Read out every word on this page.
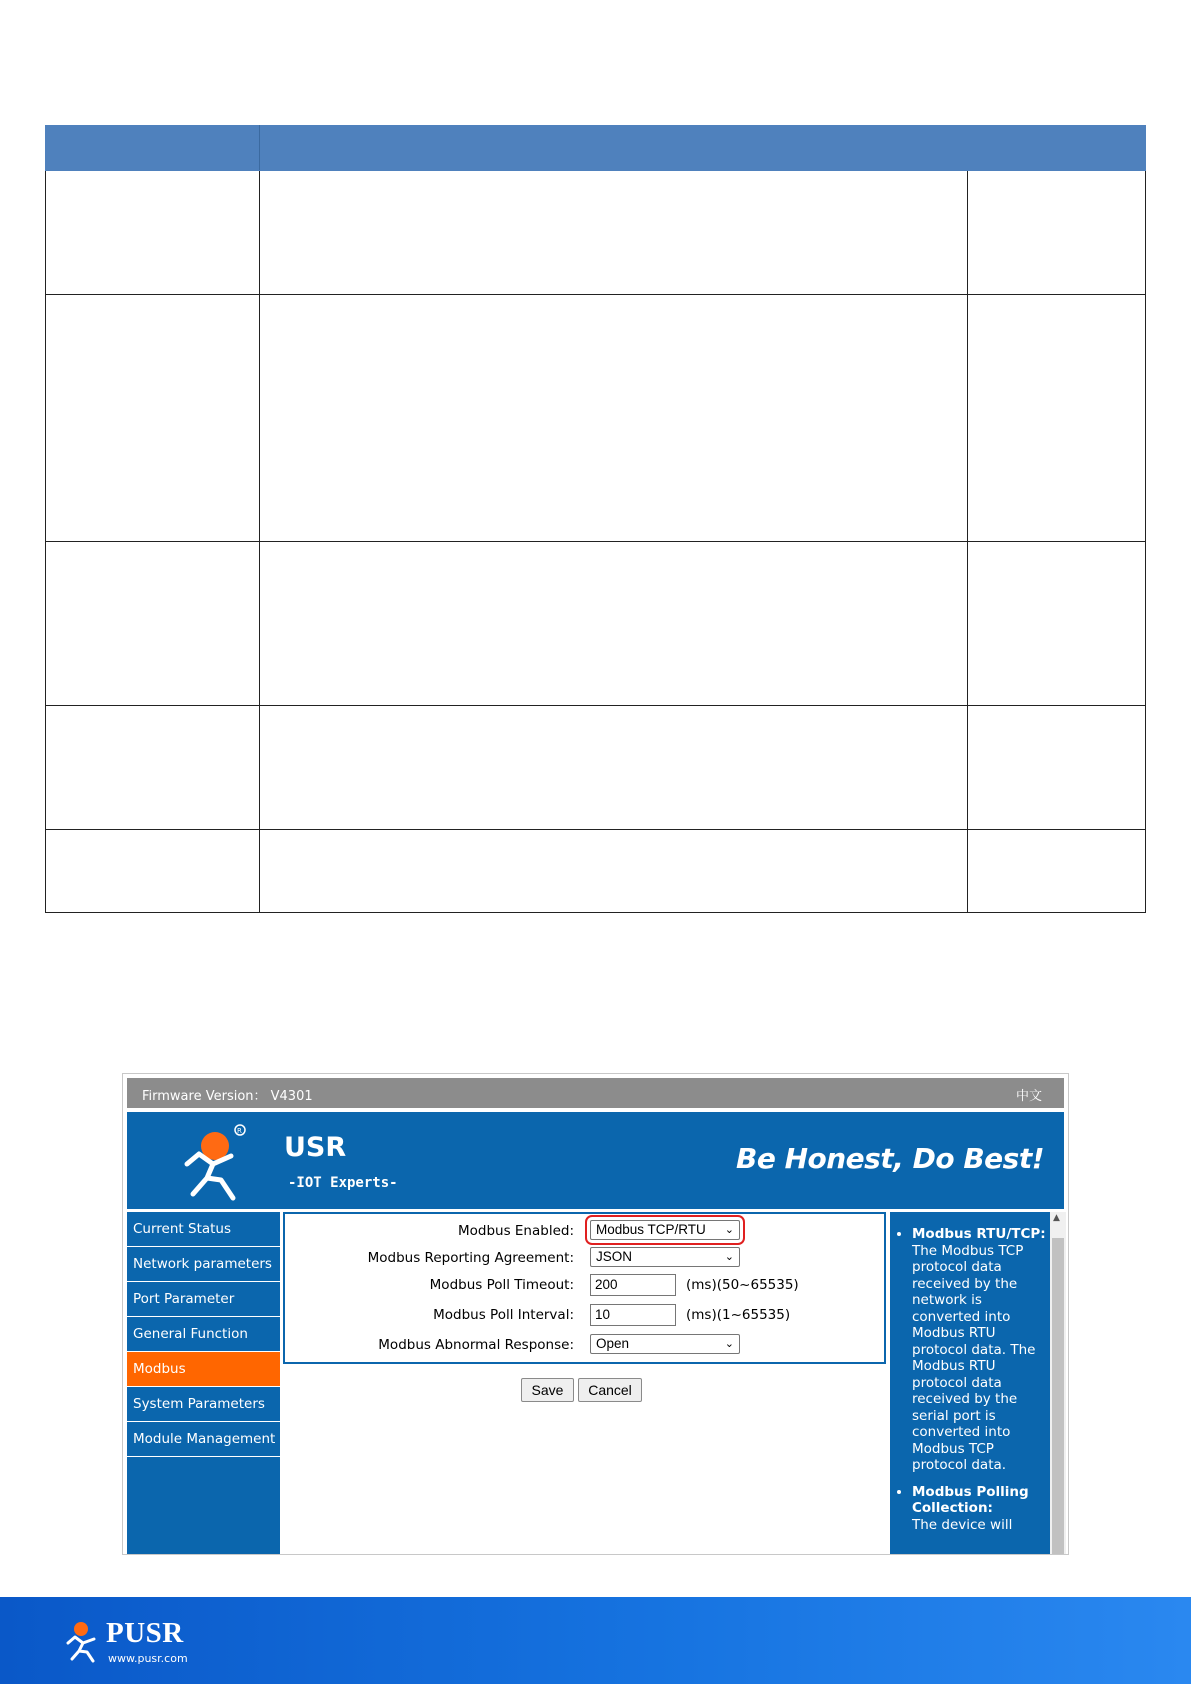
Firmware Version： V4301	中文
R
USR
-IOT Experts-
Be Honest, Do Best!
Current Status
Network parameters
Port Parameter
General Function
Modbus
System Parameters
Module Management
Modbus Enabled:	Modbus TCP/RTU ⌄
Modbus Reporting Agreement:	JSON	⌄
Modbus Poll Timeout:	200	(ms)(50~65535)
Modbus Poll Interval:	10	(ms)(1~65535)
Modbus Abnormal Response:	Open	⌄
Save	Cancel
• Modbus RTU/TCP:
The Modbus TCP protocol data received by the network is converted into Modbus RTU protocol data. The Modbus RTU protocol data received by the serial port is converted into Modbus TCP protocol data.
• Modbus Polling Collection:
The device will
▲
PUSR
www.pusr.com
